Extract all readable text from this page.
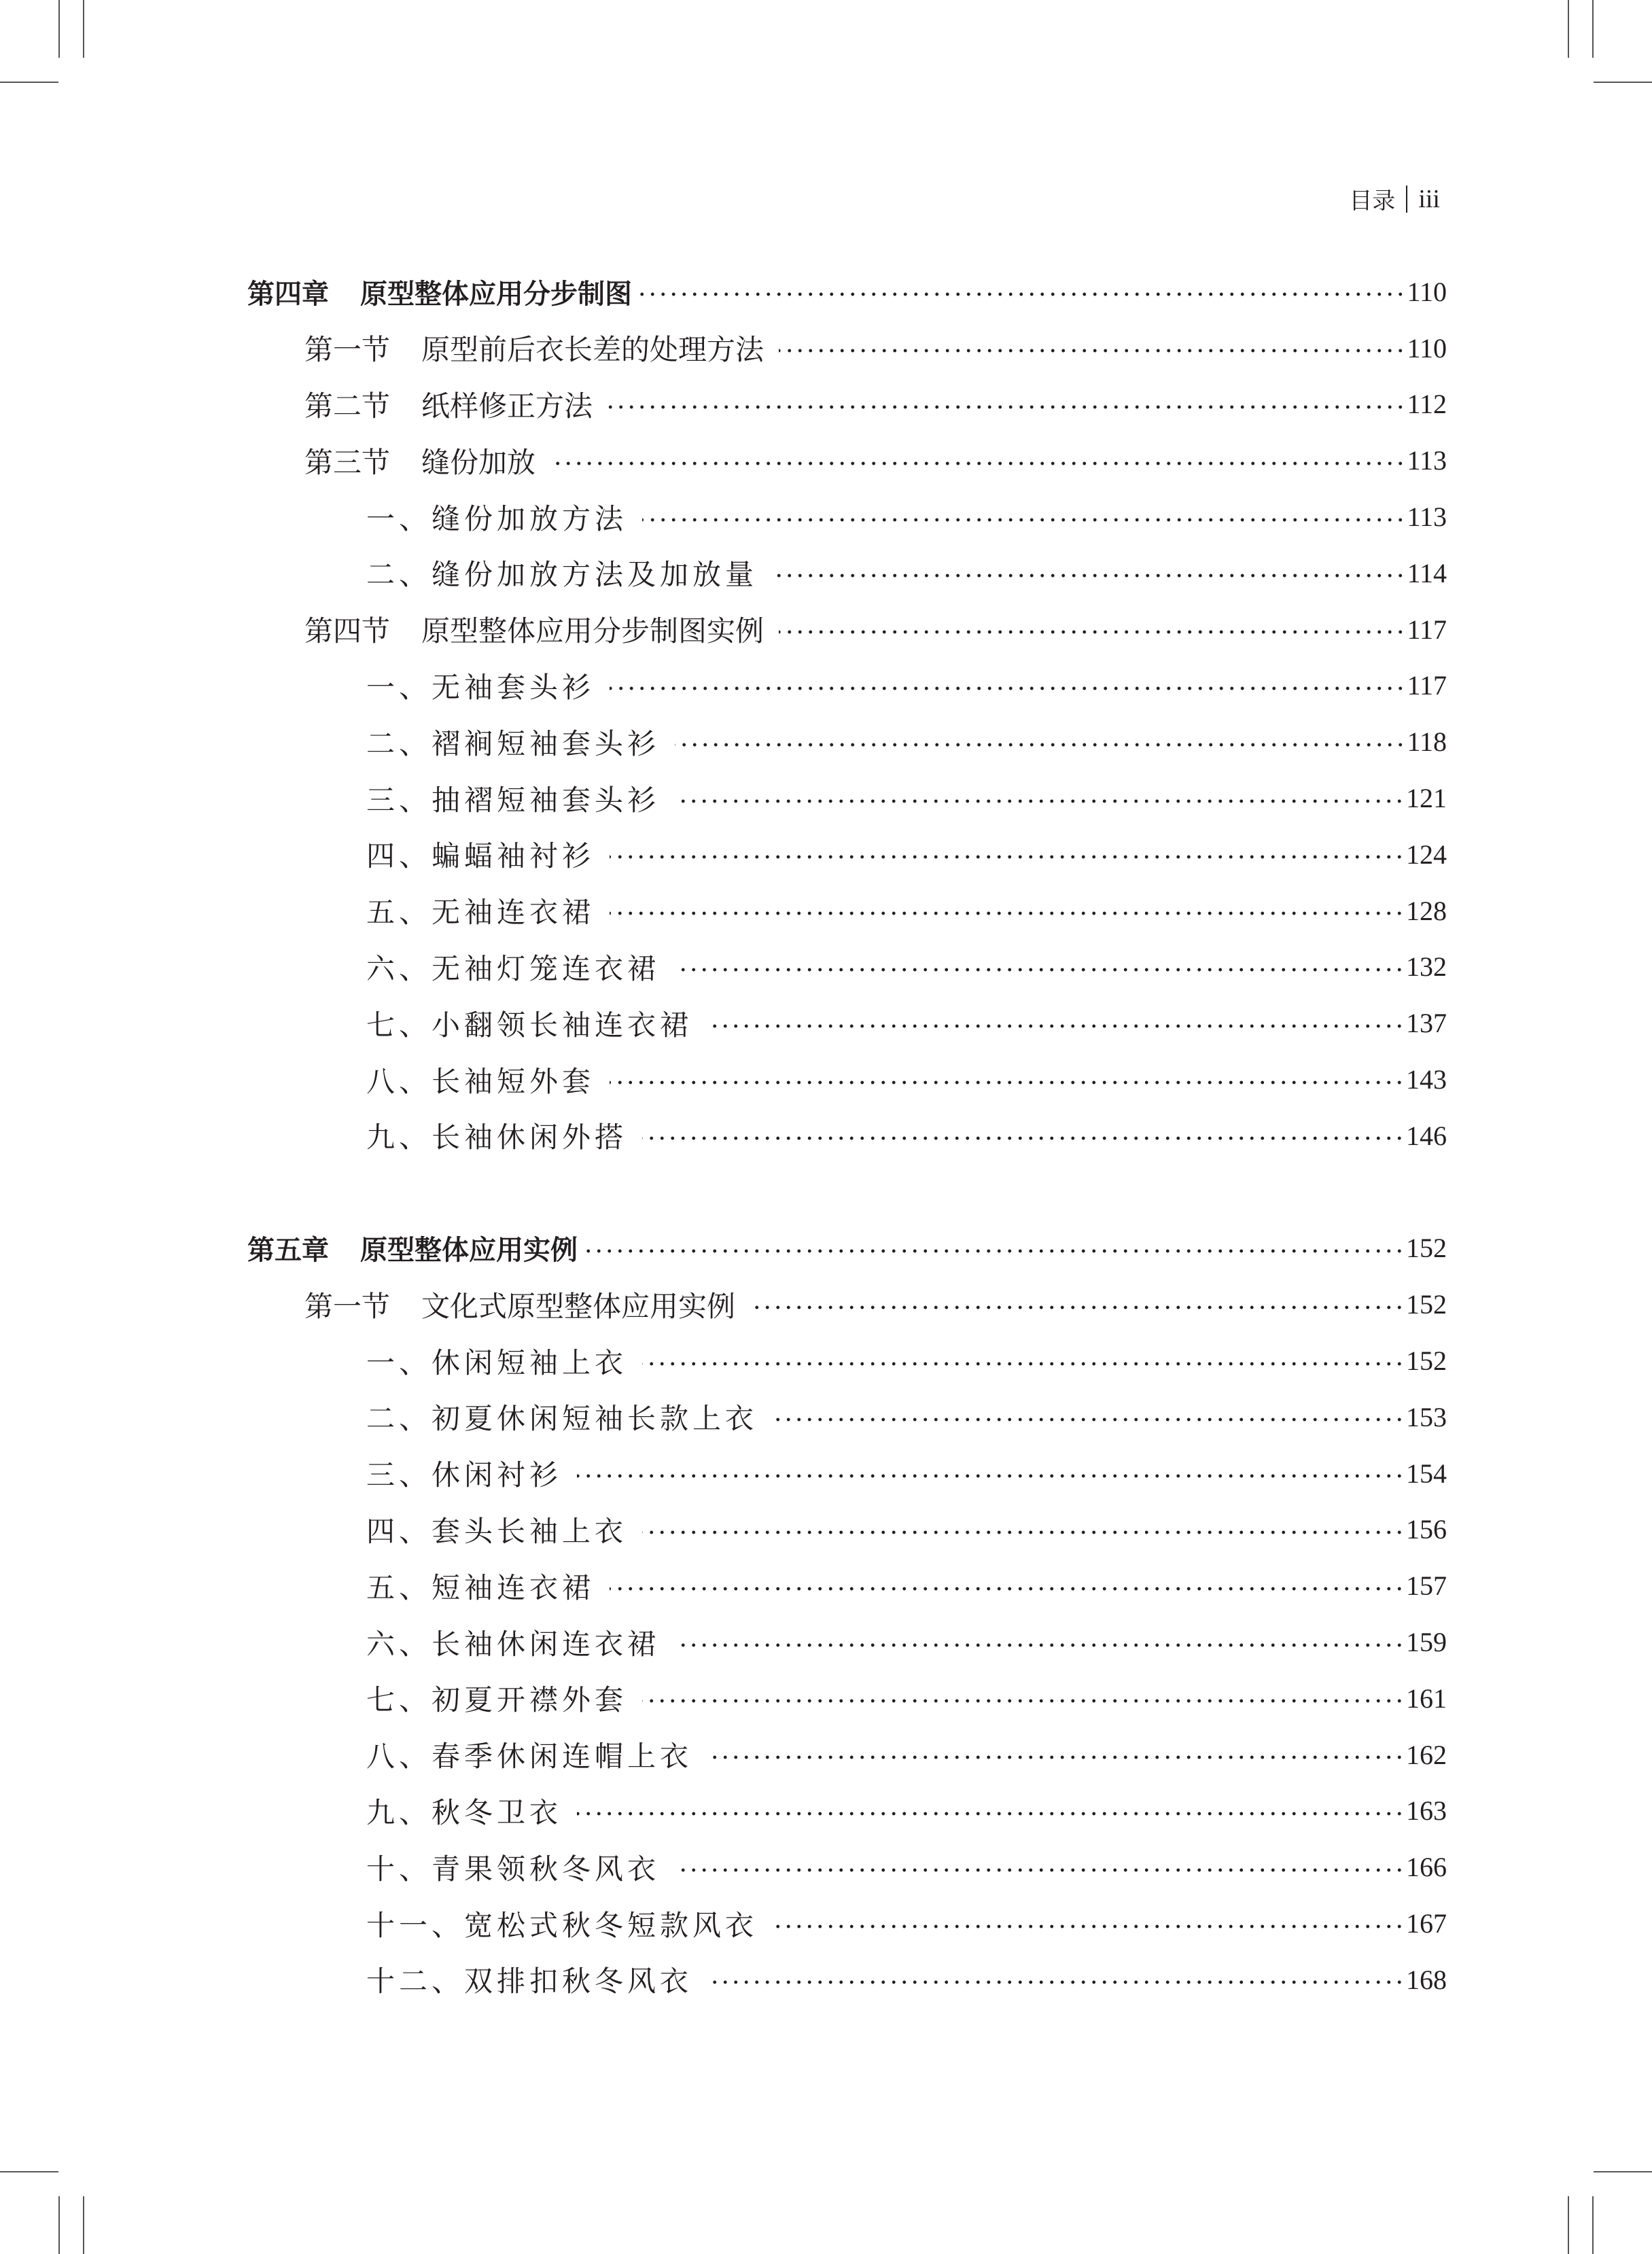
目录 iii
第四章 原型整体应用分步制图	110
第一节 原型前后衣长差的处理方法	110
第二节 纸样修正方法	112
第三节 缝份加放	113
一、 缝份加放方法	113
二、 缝份加放方法及加放量	114
第四节 原型整体应用分步制图实例	117
一、 无袖套头衫	117
二、 褶裥短袖套头衫	118
三、 抽褶短袖套头衫	121
四、 蝙蝠袖衬衫	124
五、 无袖连衣裙	128
六、 无袖灯笼连衣裙	132
七、 小翻领长袖连衣裙	137
八、 长袖短外套	143
九、 长袖休闲外搭	146
第五章 原型整体应用实例	152
第一节 文化式原型整体应用实例	152
一、 休闲短袖上衣	152
二、 初夏休闲短袖长款上衣	153
三、 休闲衬衫	154
四、 套头长袖上衣	156
五、 短袖连衣裙	157
六、 长袖休闲连衣裙	159
七、 初夏开襟外套	161
八、 春季休闲连帽上衣	162
九、 秋冬卫衣	163
十、 青果领秋冬风衣	166
十一、 宽松式秋冬短款风衣	167
十二、 双排扣秋冬风衣	168
